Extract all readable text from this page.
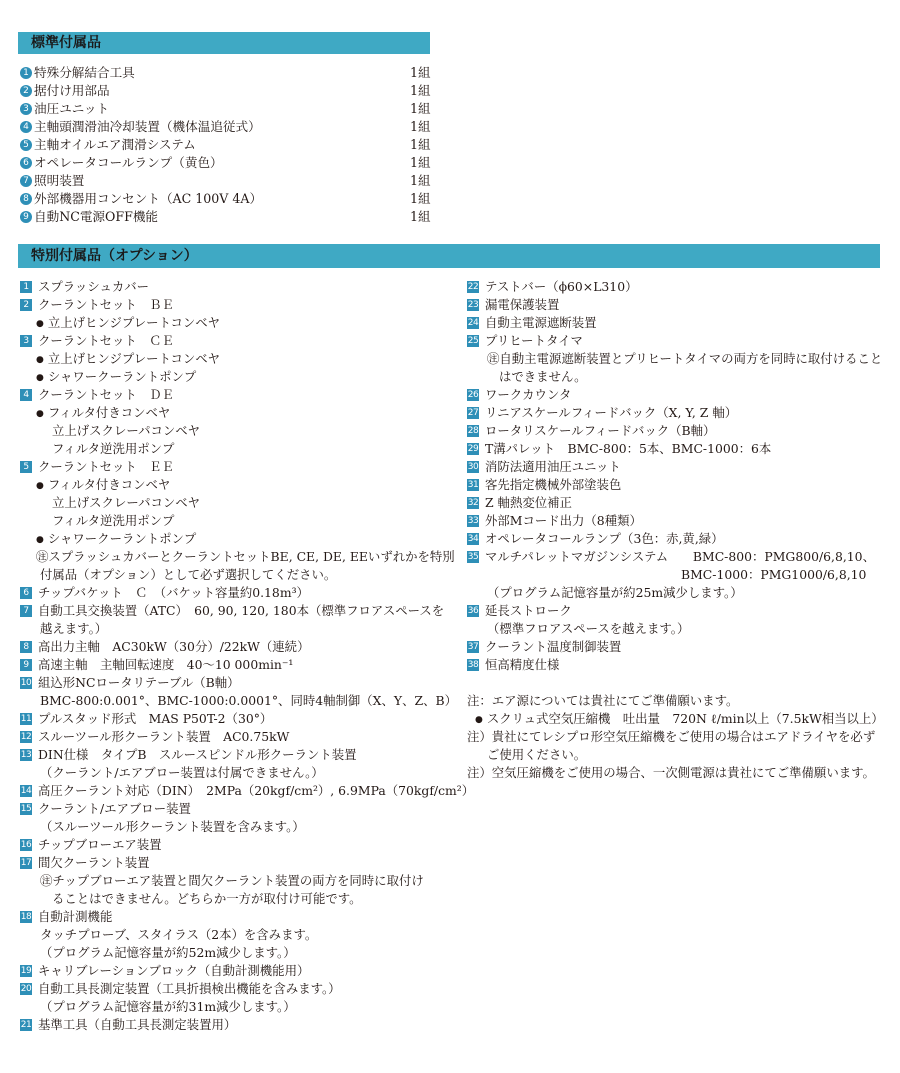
標準付属品
1 特殊分解結合工具	1組
2 据付け用部品	1組
3 油圧ユニット	1組
4 主軸頭潤滑油冷却装置（機体温追従式）	1組
5 主軸オイルエア潤滑システム	1組
6 オペレータコールランプ（黄色）	1組
7 照明装置	1組
8 外部機器用コンセント（AC 100V 4A）	1組
9 自動NC電源OFF機能	1組
特別付属品（オプション）
1 スプラッシュカバー
2 クーラントセット　ＢＥ
● 立上げヒンジプレートコンベヤ
3 クーラントセット　ＣＥ
● 立上げヒンジプレートコンベヤ
● シャワークーラントポンプ
4 クーラントセット　ＤＥ
● フィルタ付きコンベヤ
立上げスクレーパコンベヤ
フィルタ逆洗用ポンプ
5 クーラントセット　ＥＥ
● フィルタ付きコンベヤ
立上げスクレーパコンベヤ
フィルタ逆洗用ポンプ
● シャワークーラントポンプ
㊟スプラッシュカバーとクーラントセットBE, CE, DE, EEいずれかを特別
付属品（オプション）として必ず選択してください。
6 チップバケット　Ｃ　（バケット容量約0.18m³）
7 自動工具交換装置（ATC）　60, 90, 120, 180本（標準フロアスペースを
越えます。）
8 高出力主軸　AC30kW（30分）/22kW（連続）
9 高速主軸　主軸回転速度　40～10 000min⁻¹
10 組込形NCロータリテーブル（B軸）
BMC-800:0.001°、BMC-1000:0.0001°、同時4軸制御（X、Y、Z、B）
11 プルスタッド形式　MAS P50T-2（30°）
12 スルーツール形クーラント装置　AC0.75kW
13 DIN仕様　タイプB　スルースピンドル形クーラント装置
（クーラント/エアブロー装置は付属できません。）
14 高圧クーラント対応（DIN）　2MPa（20kgf/cm²）, 6.9MPa（70kgf/cm²）
15 クーラント/エアブロー装置
（スルーツール形クーラント装置を含みます。）
16 チップブローエア装置
17 間欠クーラント装置
㊟チップブローエア装置と間欠クーラント装置の両方を同時に取付け
ることはできません。どちらか一方が取付け可能です。
18 自動計測機能
タッチプローブ、スタイラス（2本）を含みます。
（プログラム記憶容量が約52m減少します。）
19 キャリブレーションブロック（自動計測機能用）
20 自動工具長測定装置（工具折損検出機能を含みます。）
（プログラム記憶容量が約31m減少します。）
21 基準工具（自動工具長測定装置用）
22 テストバー（ϕ60×L310）
23 漏電保護装置
24 自動主電源遮断装置
25 プリヒートタイマ
㊟自動主電源遮断装置とプリヒートタイマの両方を同時に取付けること
はできません。
26 ワークカウンタ
27 リニアスケールフィードバック（X, Y, Z 軸）
28 ロータリスケールフィードバック（B軸）
29 T溝パレット　BMC-800：5本、BMC-1000：6本
30 消防法適用油圧ユニット
31 客先指定機械外部塗装色
32 Z 軸熱変位補正
33 外部Mコード出力（8種類）
34 オペレータコールランプ（3色：赤,黄,緑）
35 マルチパレットマガジンシステム　　BMC-800：PMG800/6,8,10、
BMC-1000：PMG1000/6,8,10
（プログラム記憶容量が約25m減少します。）
36 延長ストローク
（標準フロアスペースを越えます。）
37 クーラント温度制御装置
38 恒高精度仕様
注：エア源については貴社にてご準備願います。
● スクリュ式空気圧縮機　吐出量　720N ℓ/min以上（7.5kW相当以上）
注）貴社にてレシプロ形空気圧縮機をご使用の場合はエアドライヤを必ず
ご使用ください。
注）空気圧縮機をご使用の場合、一次側電源は貴社にてご準備願います。
